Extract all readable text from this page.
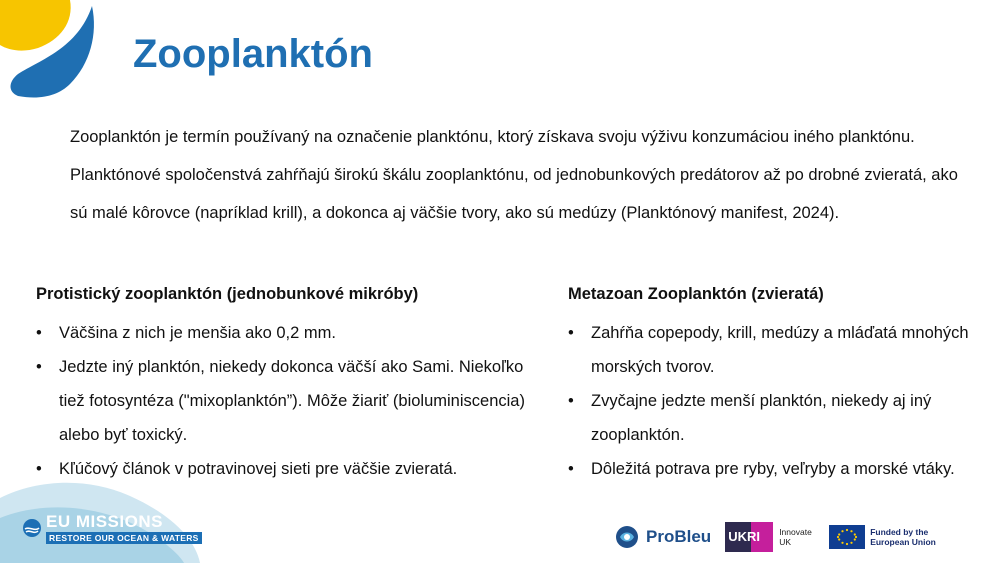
Zooplanktón

Zooplanktón je termín používaný na označenie planktónu, ktorý získava svoju výživu konzumáciou iného planktónu.

Planktónové spoločenstvá zahŕňajú širokú škálu zooplanktónu, od jednobunkových predátorov až po drobné zvieratá, ako sú malé kôrovce (napríklad krill), a dokonca aj väčšie tvory, ako sú medúzy (Planktónový manifest, 2024).

Protistický zooplanktón (jednobunkové mikróby)
• Väčšina z nich je menšia ako 0,2 mm.
• Jedzte iný planktón, niekedy dokonca väčší ako Sami. Niekoľko tiež fotosyntéza ("mixoplanktón”). Môže žiariť (bioluminiscencia) alebo byť toxický.
• Kľúčový článok v potravinovej sieti pre väčšie zvieratá.
Metazoan Zooplanktón (zvieratá)
• Zahŕňa copepody, krill, medúzy a mláďatá mnohých morských tvorov.
• Zvyčajne jedzte menší planktón, niekedy aj iný zooplanktón.
• Dôležitá potrava pre ryby, veľryby a morské vtáky.
EU MISSIONS
RESTORE OUR OCEAN & WATERS	ProBleu UKRI Innovate UK
Funded by the European Union
